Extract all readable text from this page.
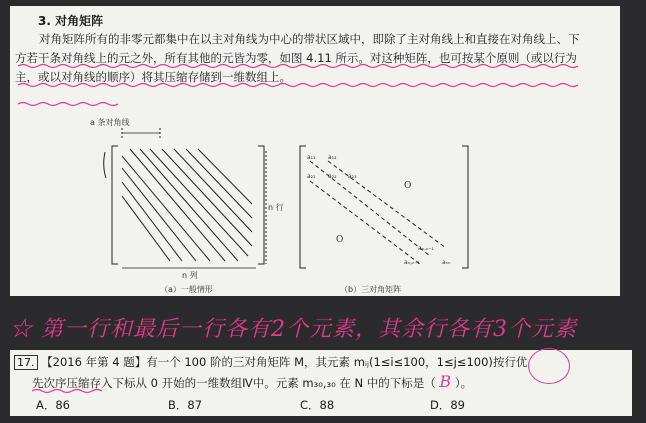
3. 对角矩阵
对角矩阵所有的非零元都集中在以主对角线为中心的带状区域中，即除了主对角线上和直接在对角线上、下方若干条对角线上的元之外，所有其他的元皆为零，如图 4.11 所示。对这种矩阵，也可按某个原则（或以行为主，或以对角线的顺序）将其压缩存储到一维数组上。
a₁₁ a₁₂
a₂₁ a₂₂ a₂₃
aₙ,ₙ₋₁
aₙ,ₙ₋₁	aₙₙ
O
O
a 条对角线
n 行
n 列
（a）一般情形	（b）三对角矩阵
☆ 第一行和最后一行各有2个元素，其余行各有3个元素
17. 【2016 年第 4 题】有一个 100 阶的三对角矩阵 M，其元素 mᵢⱼ(1≤i≤100，1≤j≤100)按行优
先次序压缩存入下标从 0 开始的一维数组Ⅳ中。元素 m₃₀,₃₀ 在 N 中的下标是（ B ）。
A．86	B．87	C．88	D．89
